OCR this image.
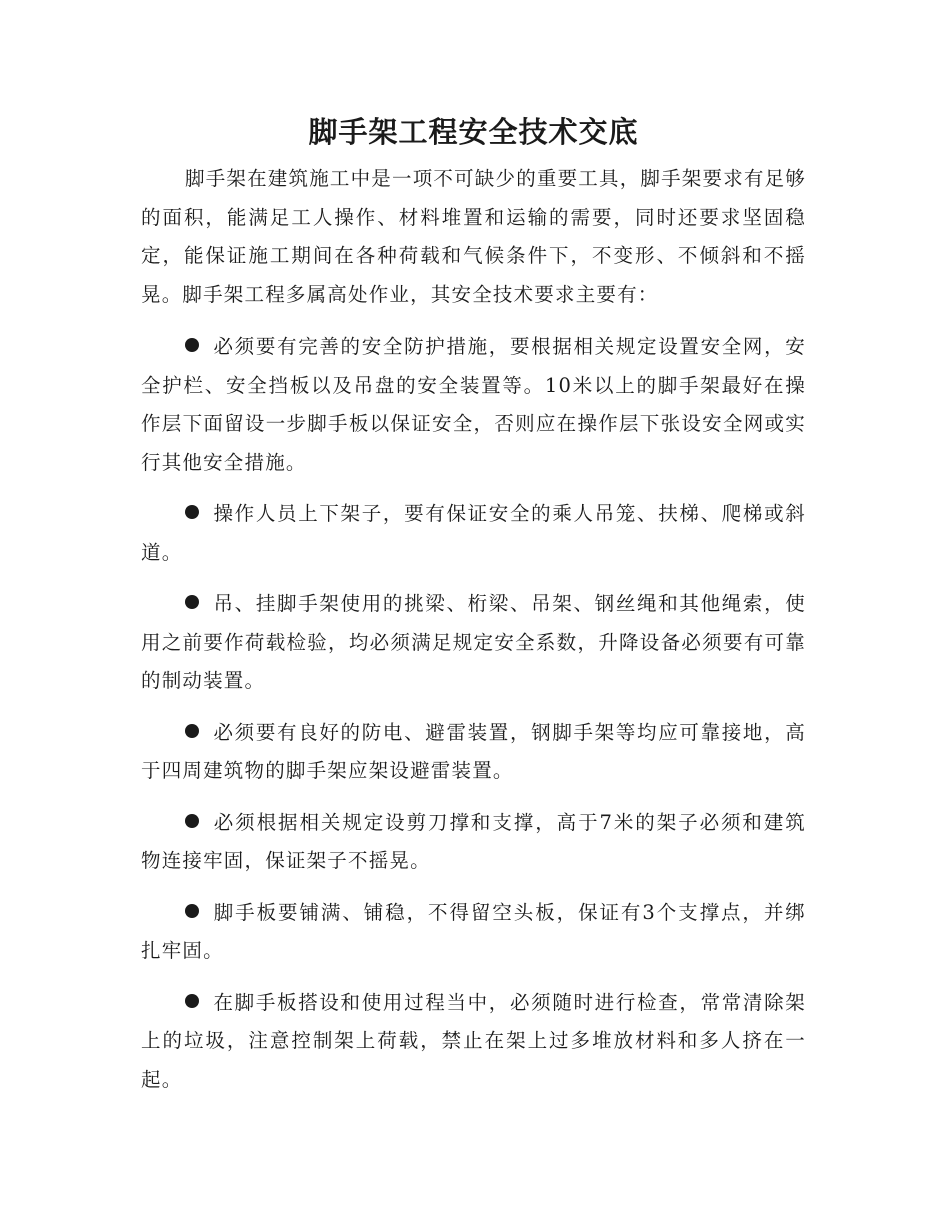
脚手架工程安全技术交底

脚手架在建筑施工中是一项不可缺少的重要工具，脚手架要求有足够的面积，能满足工人操作、材料堆置和运输的需要，同时还要求坚固稳定，能保证施工期间在各种荷载和气候条件下，不变形、不倾斜和不摇晃。脚手架工程多属高处作业，其安全技术要求主要有：

必须要有完善的安全防护措施，要根据相关规定设置安全网，安全护栏、安全挡板以及吊盘的安全装置等。10米以上的脚手架最好在操作层下面留设一步脚手板以保证安全，否则应在操作层下张设安全网或实行其他安全措施。

操作人员上下架子，要有保证安全的乘人吊笼、扶梯、爬梯或斜道。

吊、挂脚手架使用的挑梁、桁梁、吊架、钢丝绳和其他绳索，使用之前要作荷载检验，均必须满足规定安全系数，升降设备必须要有可靠的制动装置。

必须要有良好的防电、避雷装置，钢脚手架等均应可靠接地，高于四周建筑物的脚手架应架设避雷装置。

必须根据相关规定设剪刀撑和支撑，高于7米的架子必须和建筑物连接牢固，保证架子不摇晃。

脚手板要铺满、铺稳，不得留空头板，保证有3个支撑点，并绑扎牢固。

在脚手板搭设和使用过程当中，必须随时进行检查，常常清除架上的垃圾，注意控制架上荷载，禁止在架上过多堆放材料和多人挤在一起。
